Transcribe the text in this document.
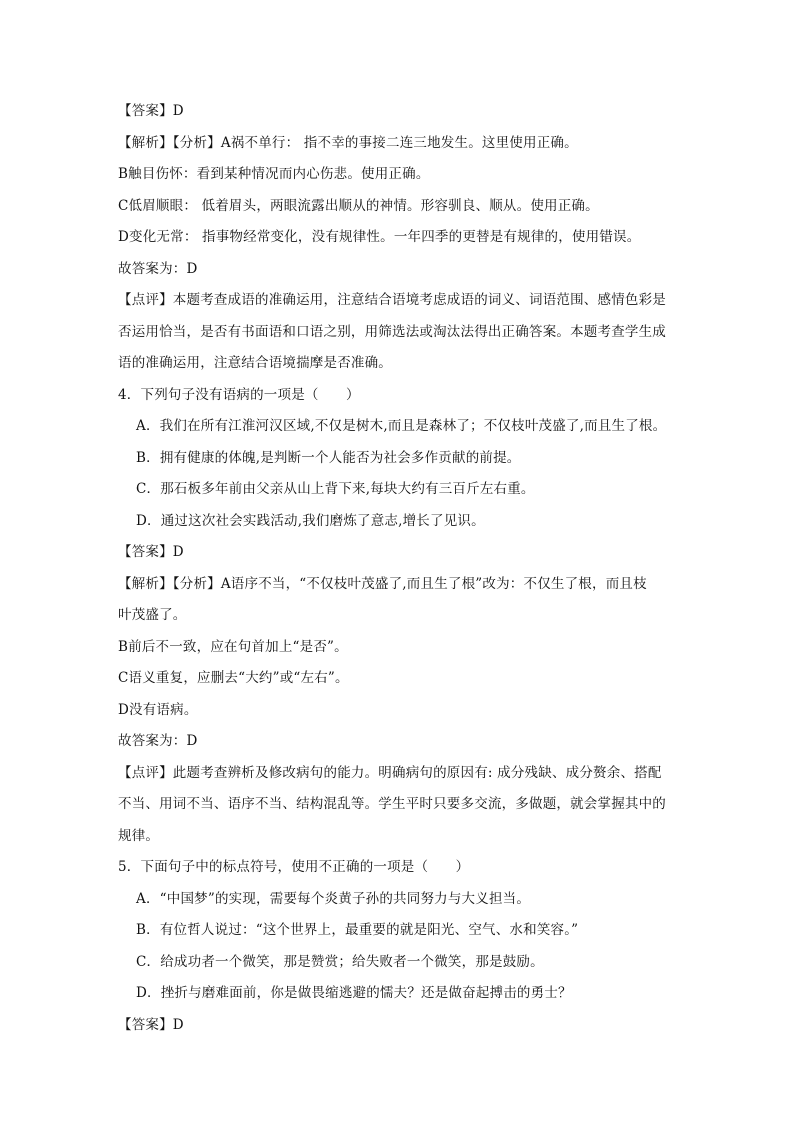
【答案】D
【解析】【分析】A祸不单行： 指不幸的事接二连三地发生。这里使用正确。
B触目伤怀：看到某种情况而内心伤悲。使用正确。
C低眉顺眼： 低着眉头，两眼流露出顺从的神情。形容驯良、顺从。使用正确。
D变化无常： 指事物经常变化，没有规律性。一年四季的更替是有规律的，使用错误。
故答案为：D
【点评】本题考查成语的准确运用，注意结合语境考虑成语的词义、词语范围、感情色彩是
否运用恰当，是否有书面语和口语之别，用筛选法或淘汰法得出正确答案。本题考查学生成
语的准确运用，注意结合语境揣摩是否准确。
4．下列句子没有语病的一项是（　　）
A．我们在所有江淮河汉区域,不仅是树木,而且是森林了；不仅枝叶茂盛了,而且生了根。
B．拥有健康的体魄,是判断一个人能否为社会多作贡献的前提。
C．那石板多年前由父亲从山上背下来,每块大约有三百斤左右重。
D．通过这次社会实践活动,我们磨炼了意志,增长了见识。
【答案】D
【解析】【分析】A语序不当，“不仅枝叶茂盛了,而且生了根”改为：不仅生了根，而且枝
叶茂盛了。
B前后不一致，应在句首加上“是否”。
C语义重复，应删去“大约”或“左右”。
D没有语病。
故答案为：D
【点评】此题考查辨析及修改病句的能力。明确病句的原因有: 成分残缺、成分赘余、搭配
不当、用词不当、语序不当、结构混乱等。学生平时只要多交流，多做题，就会掌握其中的
规律。
5．下面句子中的标点符号，使用不正确的一项是（　　）
A．“中国梦”的实现，需要每个炎黄子孙的共同努力与大义担当。
B．有位哲人说过：“这个世界上，最重要的就是阳光、空气、水和笑容。”
C．给成功者一个微笑，那是赞赏；给失败者一个微笑，那是鼓励。
D．挫折与磨难面前，你是做畏缩逃避的懦夫？还是做奋起搏击的勇士？
【答案】D
